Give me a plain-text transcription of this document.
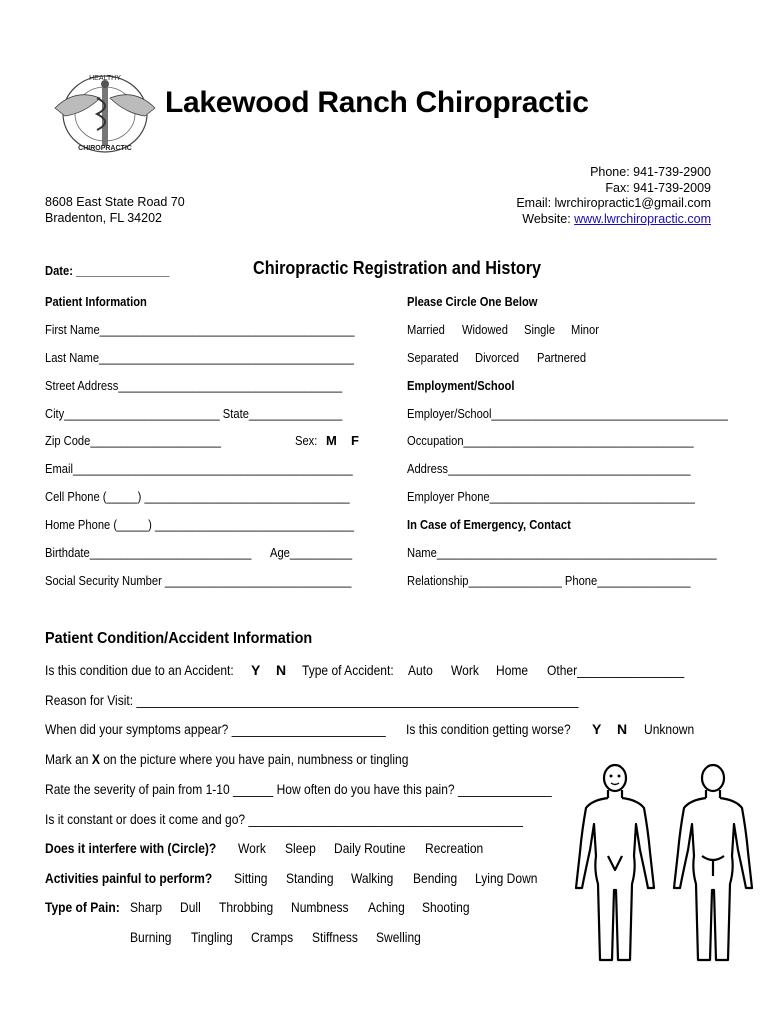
HEALTHY
CHIROPRACTIC
Lakewood Ranch Chiropractic
Phone: 941-739-2900
Fax: 941-739-2009
Email: lwrchiropractic1@gmail.com
Website: www.lwrchiropractic.com
8608 East State Road 70
Bradenton, FL 34202
Date: _______________	Chiropractic Registration and History
Patient Information	Please Circle One Below
First Name_________________________________________
Last Name_________________________________________
Street Address____________________________________
City_________________________ State_______________
Zip Code_____________________	Sex: M F
Email_____________________________________________
Cell Phone (_____) _________________________________
Home Phone (_____) ________________________________
Birthdate__________________________ Age__________
Social Security Number ______________________________
Married Widowed Single Minor
Separated Divorced Partnered
Employment/School
Employer/School______________________________________
Occupation_____________________________________
Address_______________________________________
Employer Phone_________________________________
In Case of Emergency, Contact
Name_____________________________________________
Relationship_______________ Phone_______________
Patient Condition/Accident Information
Is this condition due to an Accident: Y N Type of Accident: Auto Work Home Other________________
Reason for Visit: __________________________________________________________________
When did your symptoms appear? _______________________ Is this condition getting worse? Y N Unknown
Mark an X on the picture where you have pain, numbness or tingling
Rate the severity of pain from 1-10 ______ How often do you have this pain? ______________
Is it constant or does it come and go? _________________________________________
Does it interfere with (Circle)? Work Sleep Daily Routine Recreation
Activities painful to perform? Sitting Standing Walking Bending Lying Down
Type of Pain: Sharp Dull Throbbing Numbness Aching Shooting
Burning Tingling Cramps Stiffness Swelling
